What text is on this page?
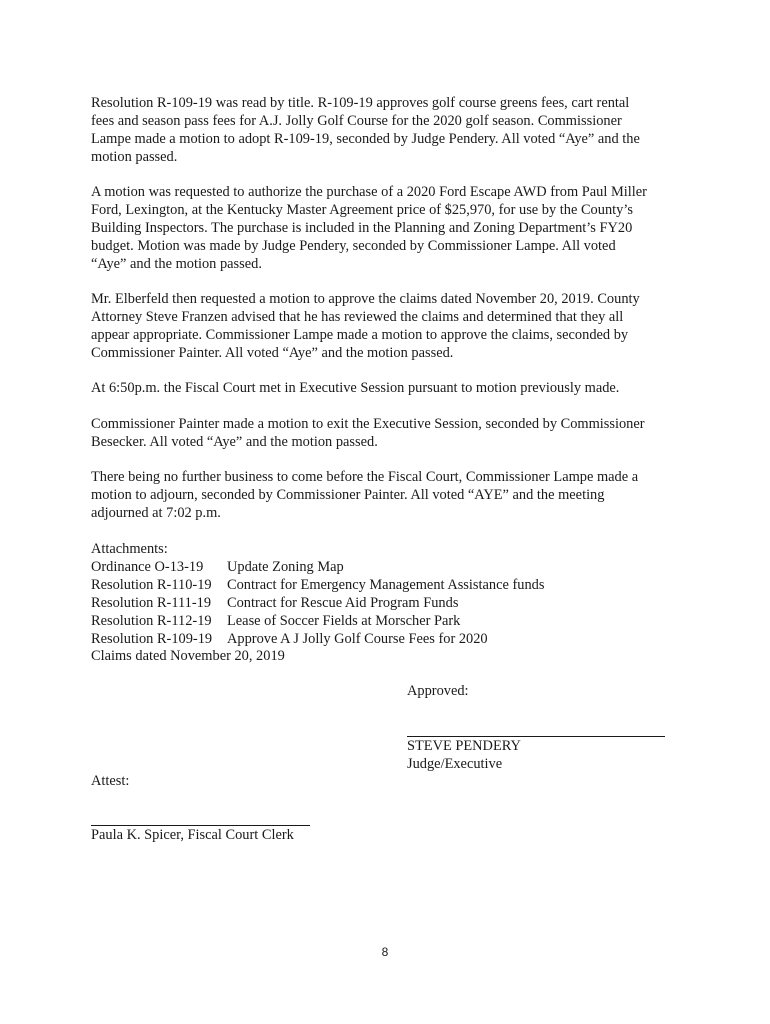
Resolution R-109-19 was read by title. R-109-19 approves golf course greens fees, cart rental
fees and season pass fees for A.J. Jolly Golf Course for the 2020 golf season. Commissioner
Lampe made a motion to adopt R-109-19, seconded by Judge Pendery. All voted “Aye” and the
motion passed.

A motion was requested to authorize the purchase of a 2020 Ford Escape AWD from Paul Miller
Ford, Lexington, at the Kentucky Master Agreement price of $25,970, for use by the County’s
Building Inspectors. The purchase is included in the Planning and Zoning Department’s FY20
budget. Motion was made by Judge Pendery, seconded by Commissioner Lampe. All voted
“Aye” and the motion passed.

Mr. Elberfeld then requested a motion to approve the claims dated November 20, 2019. County
Attorney Steve Franzen advised that he has reviewed the claims and determined that they all
appear appropriate. Commissioner Lampe made a motion to approve the claims, seconded by
Commissioner Painter. All voted “Aye” and the motion passed.

At 6:50p.m. the Fiscal Court met in Executive Session pursuant to motion previously made.

Commissioner Painter made a motion to exit the Executive Session, seconded by Commissioner
Besecker. All voted “Aye” and the motion passed.

There being no further business to come before the Fiscal Court, Commissioner Lampe made a
motion to adjourn, seconded by Commissioner Painter. All voted “AYE” and the meeting
adjourned at 7:02 p.m.

Attachments:
Ordinance O-13-19 Update Zoning Map
Resolution R-110-19 Contract for Emergency Management Assistance funds
Resolution R-111-19 Contract for Rescue Aid Program Funds
Resolution R-112-19 Lease of Soccer Fields at Morscher Park
Resolution R-109-19 Approve A J Jolly Golf Course Fees for 2020
Claims dated November 20, 2019
Approved:
STEVE PENDERY
Judge/Executive
Attest:
Paula K. Spicer, Fiscal Court Clerk
8
